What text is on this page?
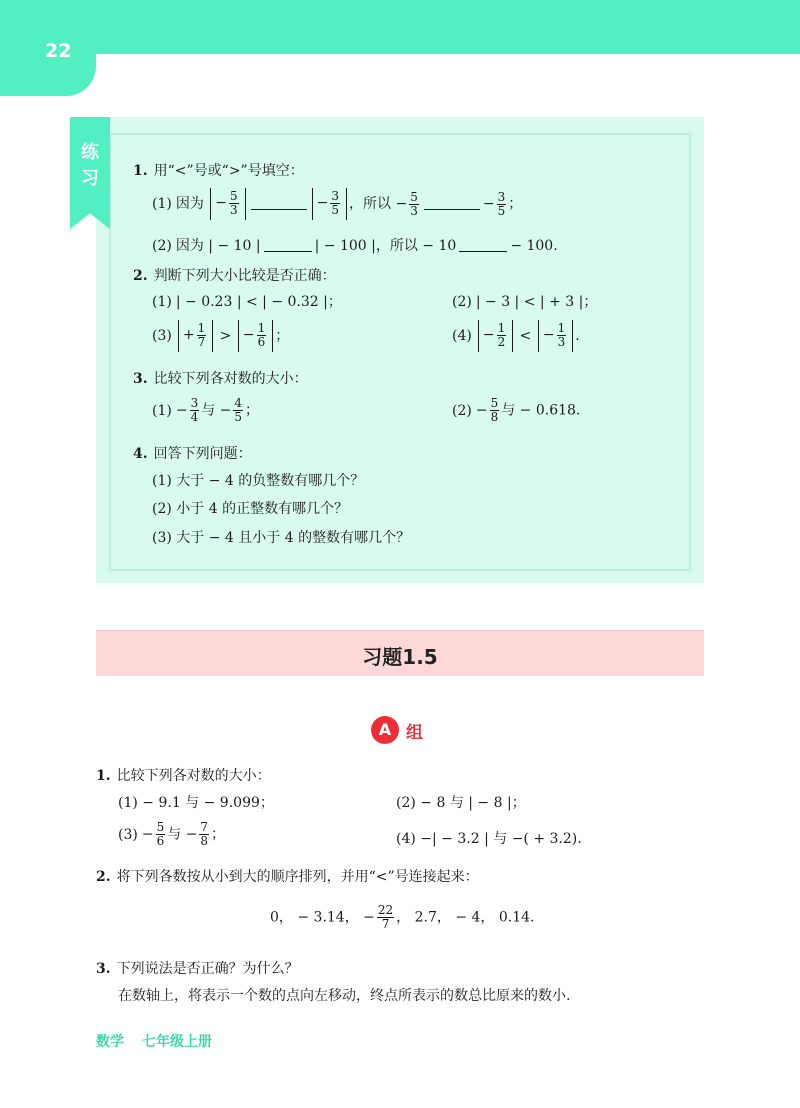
22
练习 1. 用“<”号或“>”号填空：
(1) 因为 − $\frac{5}{3}$	− $\frac{3}{5}$ ，所以 − $\frac{5}{3}$	− $\frac{3}{5}$ ；
(2) 因为 | − 10 |	| − 100 |，所以 − 10	− 100.
2. 判断下列大小比较是否正确：
(1) | − 0.23 | < | − 0.32 |；	(2) | − 3 | < | + 3 |；
$(3) + \frac{1}{7}$ > − $\frac{1}{6}$ ；	$(4) - \frac{1}{2}$ < − $\frac{1}{3}$ .
3. 比较下列各对数的大小：
$(1) - \frac{3}{4}$ 与 − $\frac{4}{5}$ ；	$(2) - \frac{5}{8}$ 与 − 0.618.
4. 回答下列问题：
(1) 大于 − 4 的负整数有哪几个？
(2) 小于 4 的正整数有哪几个？
(3) 大于 − 4 且小于 4 的整数有哪几个？
习题1.5
A 组
1. 比较下列各对数的大小：
(1) − 9.1 与 − 9.099；	(2) − 8 与 | − 8 |；
$(3) - \frac{5}{6}$ 与 − $\frac{7}{8}$ ；	(4) −| − 3.2 | 与 −( + 3.2).
2. 将下列各数按从小到大的顺序排列，并用“<”号连接起来：
0， − 3.14， − $\frac{22}{7}$ ， 2.7， − 4， 0.14.
3. 下列说法是否正确？为什么？
在数轴上，将表示一个数的点向左移动，终点所表示的数总比原来的数小.
数学 七年级上册
